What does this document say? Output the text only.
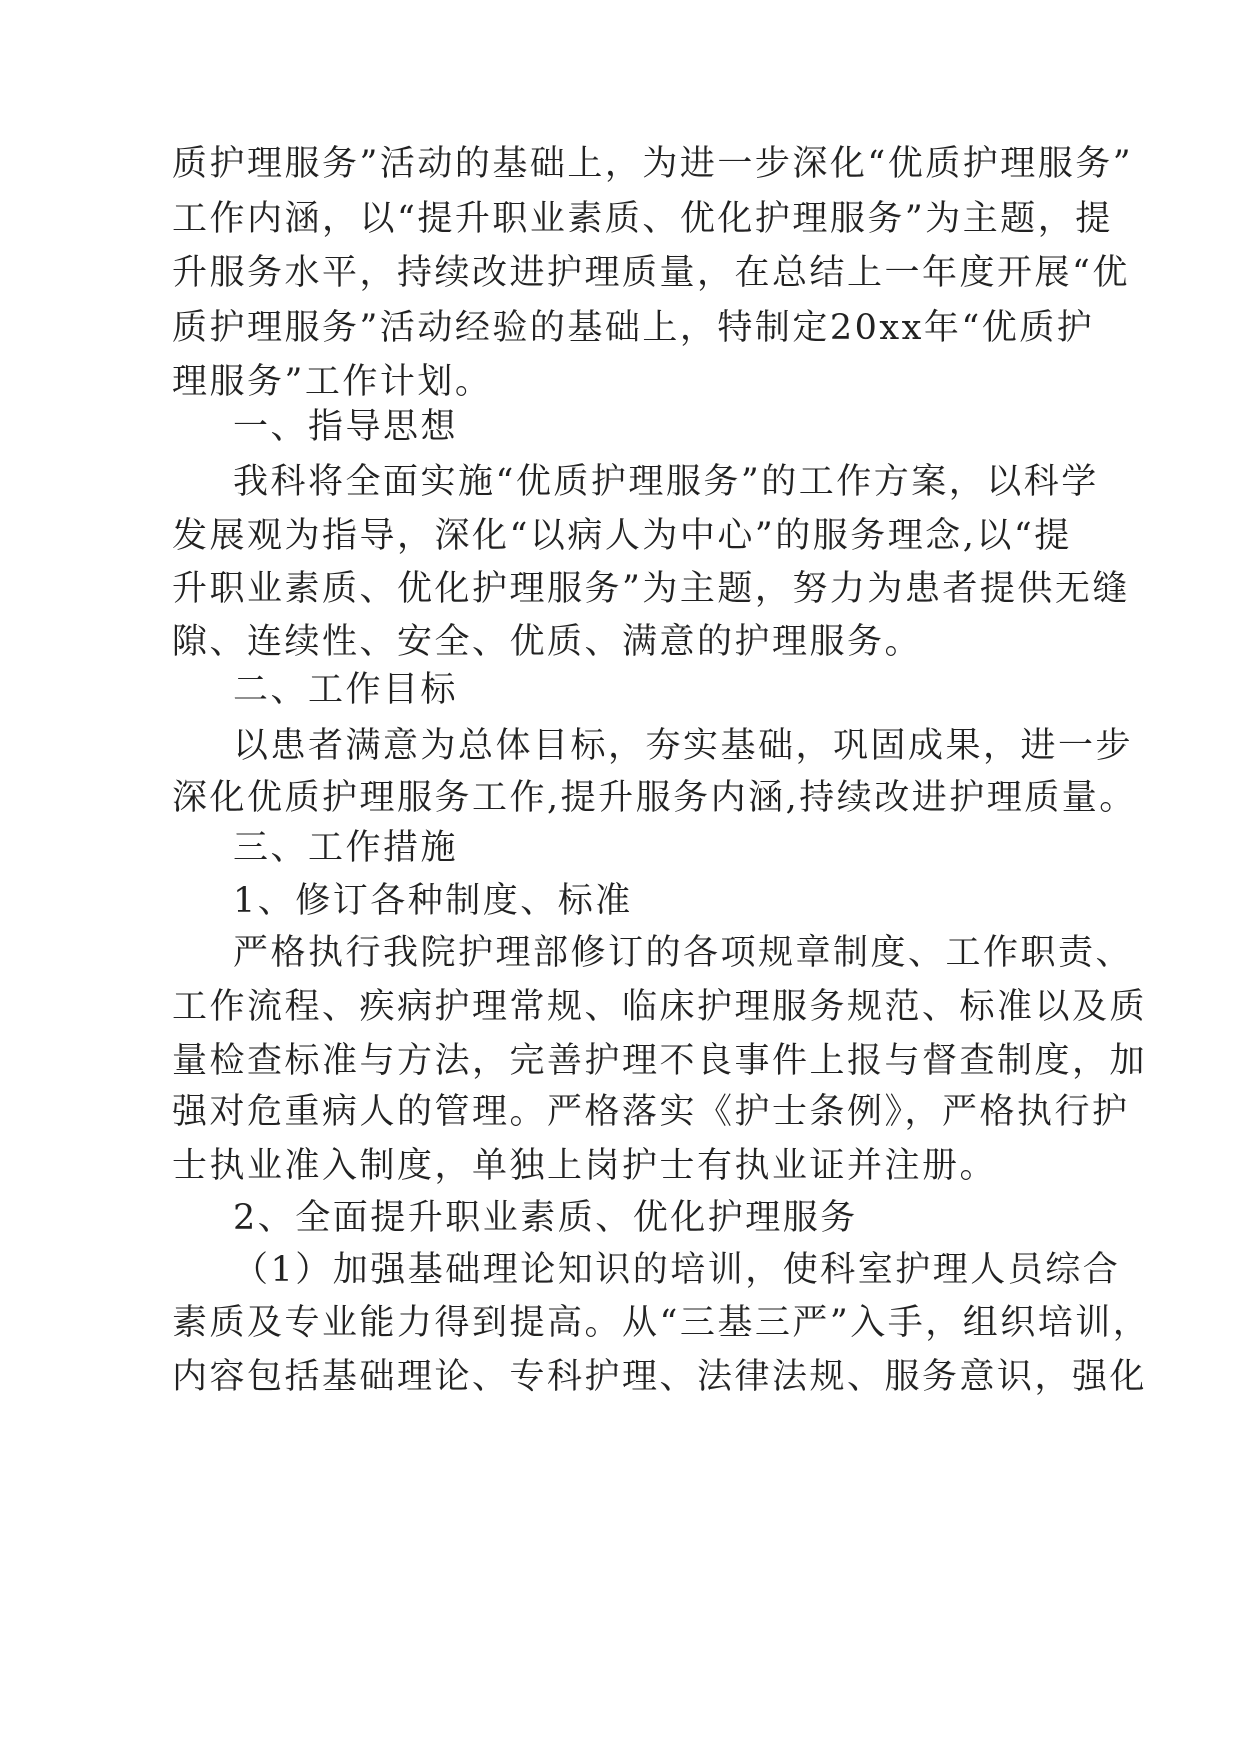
质护理服务”活动的基础上，为进一步深化“优质护理服务”
工作内涵，以“提升职业素质、优化护理服务”为主题，提
升服务水平，持续改进护理质量，在总结上一年度开展“优
质护理服务”活动经验的基础上，特制定20xx年“优质护
理服务”工作计划。
一、指导思想
我科将全面实施“优质护理服务”的工作方案，以科学
发展观为指导，深化“以病人为中心”的服务理念,以“提
升职业素质、优化护理服务”为主题，努力为患者提供无缝
隙、连续性、安全、优质、满意的护理服务。
二、工作目标
以患者满意为总体目标，夯实基础，巩固成果，进一步
深化优质护理服务工作,提升服务内涵,持续改进护理质量。
三、工作措施
1、修订各种制度、标准
严格执行我院护理部修订的各项规章制度、工作职责、
工作流程、疾病护理常规、临床护理服务规范、标准以及质
量检查标准与方法，完善护理不良事件上报与督查制度，加
强对危重病人的管理。严格落实《护士条例》，严格执行护
士执业准入制度，单独上岗护士有执业证并注册。
2、全面提升职业素质、优化护理服务
（1）加强基础理论知识的培训，使科室护理人员综合
素质及专业能力得到提高。从“三基三严”入手，组织培训，
内容包括基础理论、专科护理、法律法规、服务意识，强化
